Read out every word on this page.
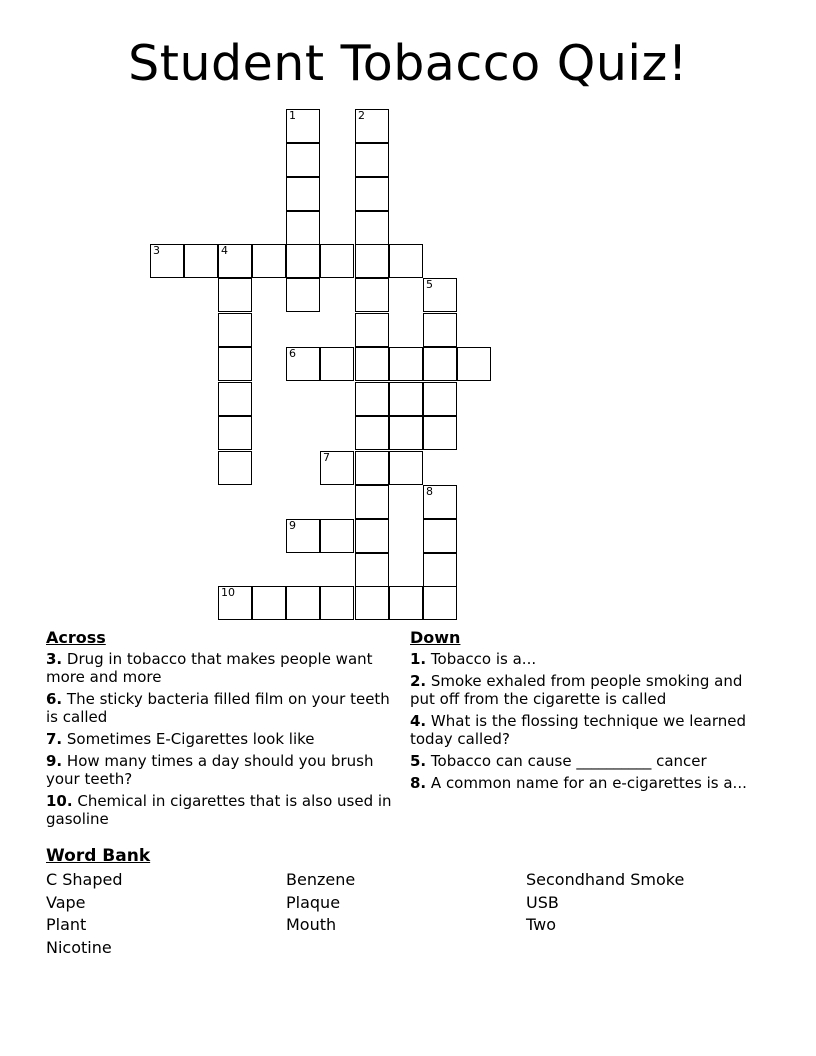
Student Tobacco Quiz!
1	2
3	4
5
6
7
8
9
10
Across
3. Drug in tobacco that makes people want more and more
6. The sticky bacteria filled film on your teeth is called
7. Sometimes E-Cigarettes look like
9. How many times a day should you brush your teeth?
10. Chemical in cigarettes that is also used in gasoline
Down
1. Tobacco is a...
2. Smoke exhaled from people smoking and put off from the cigarette is called
4. What is the flossing technique we learned today called?
5. Tobacco can cause __________ cancer
8. A common name for an e-cigarettes is a...
Word Bank
C Shaped
Vape
Plant
Nicotine
Benzene
Plaque
Mouth
Secondhand Smoke
USB
Two
